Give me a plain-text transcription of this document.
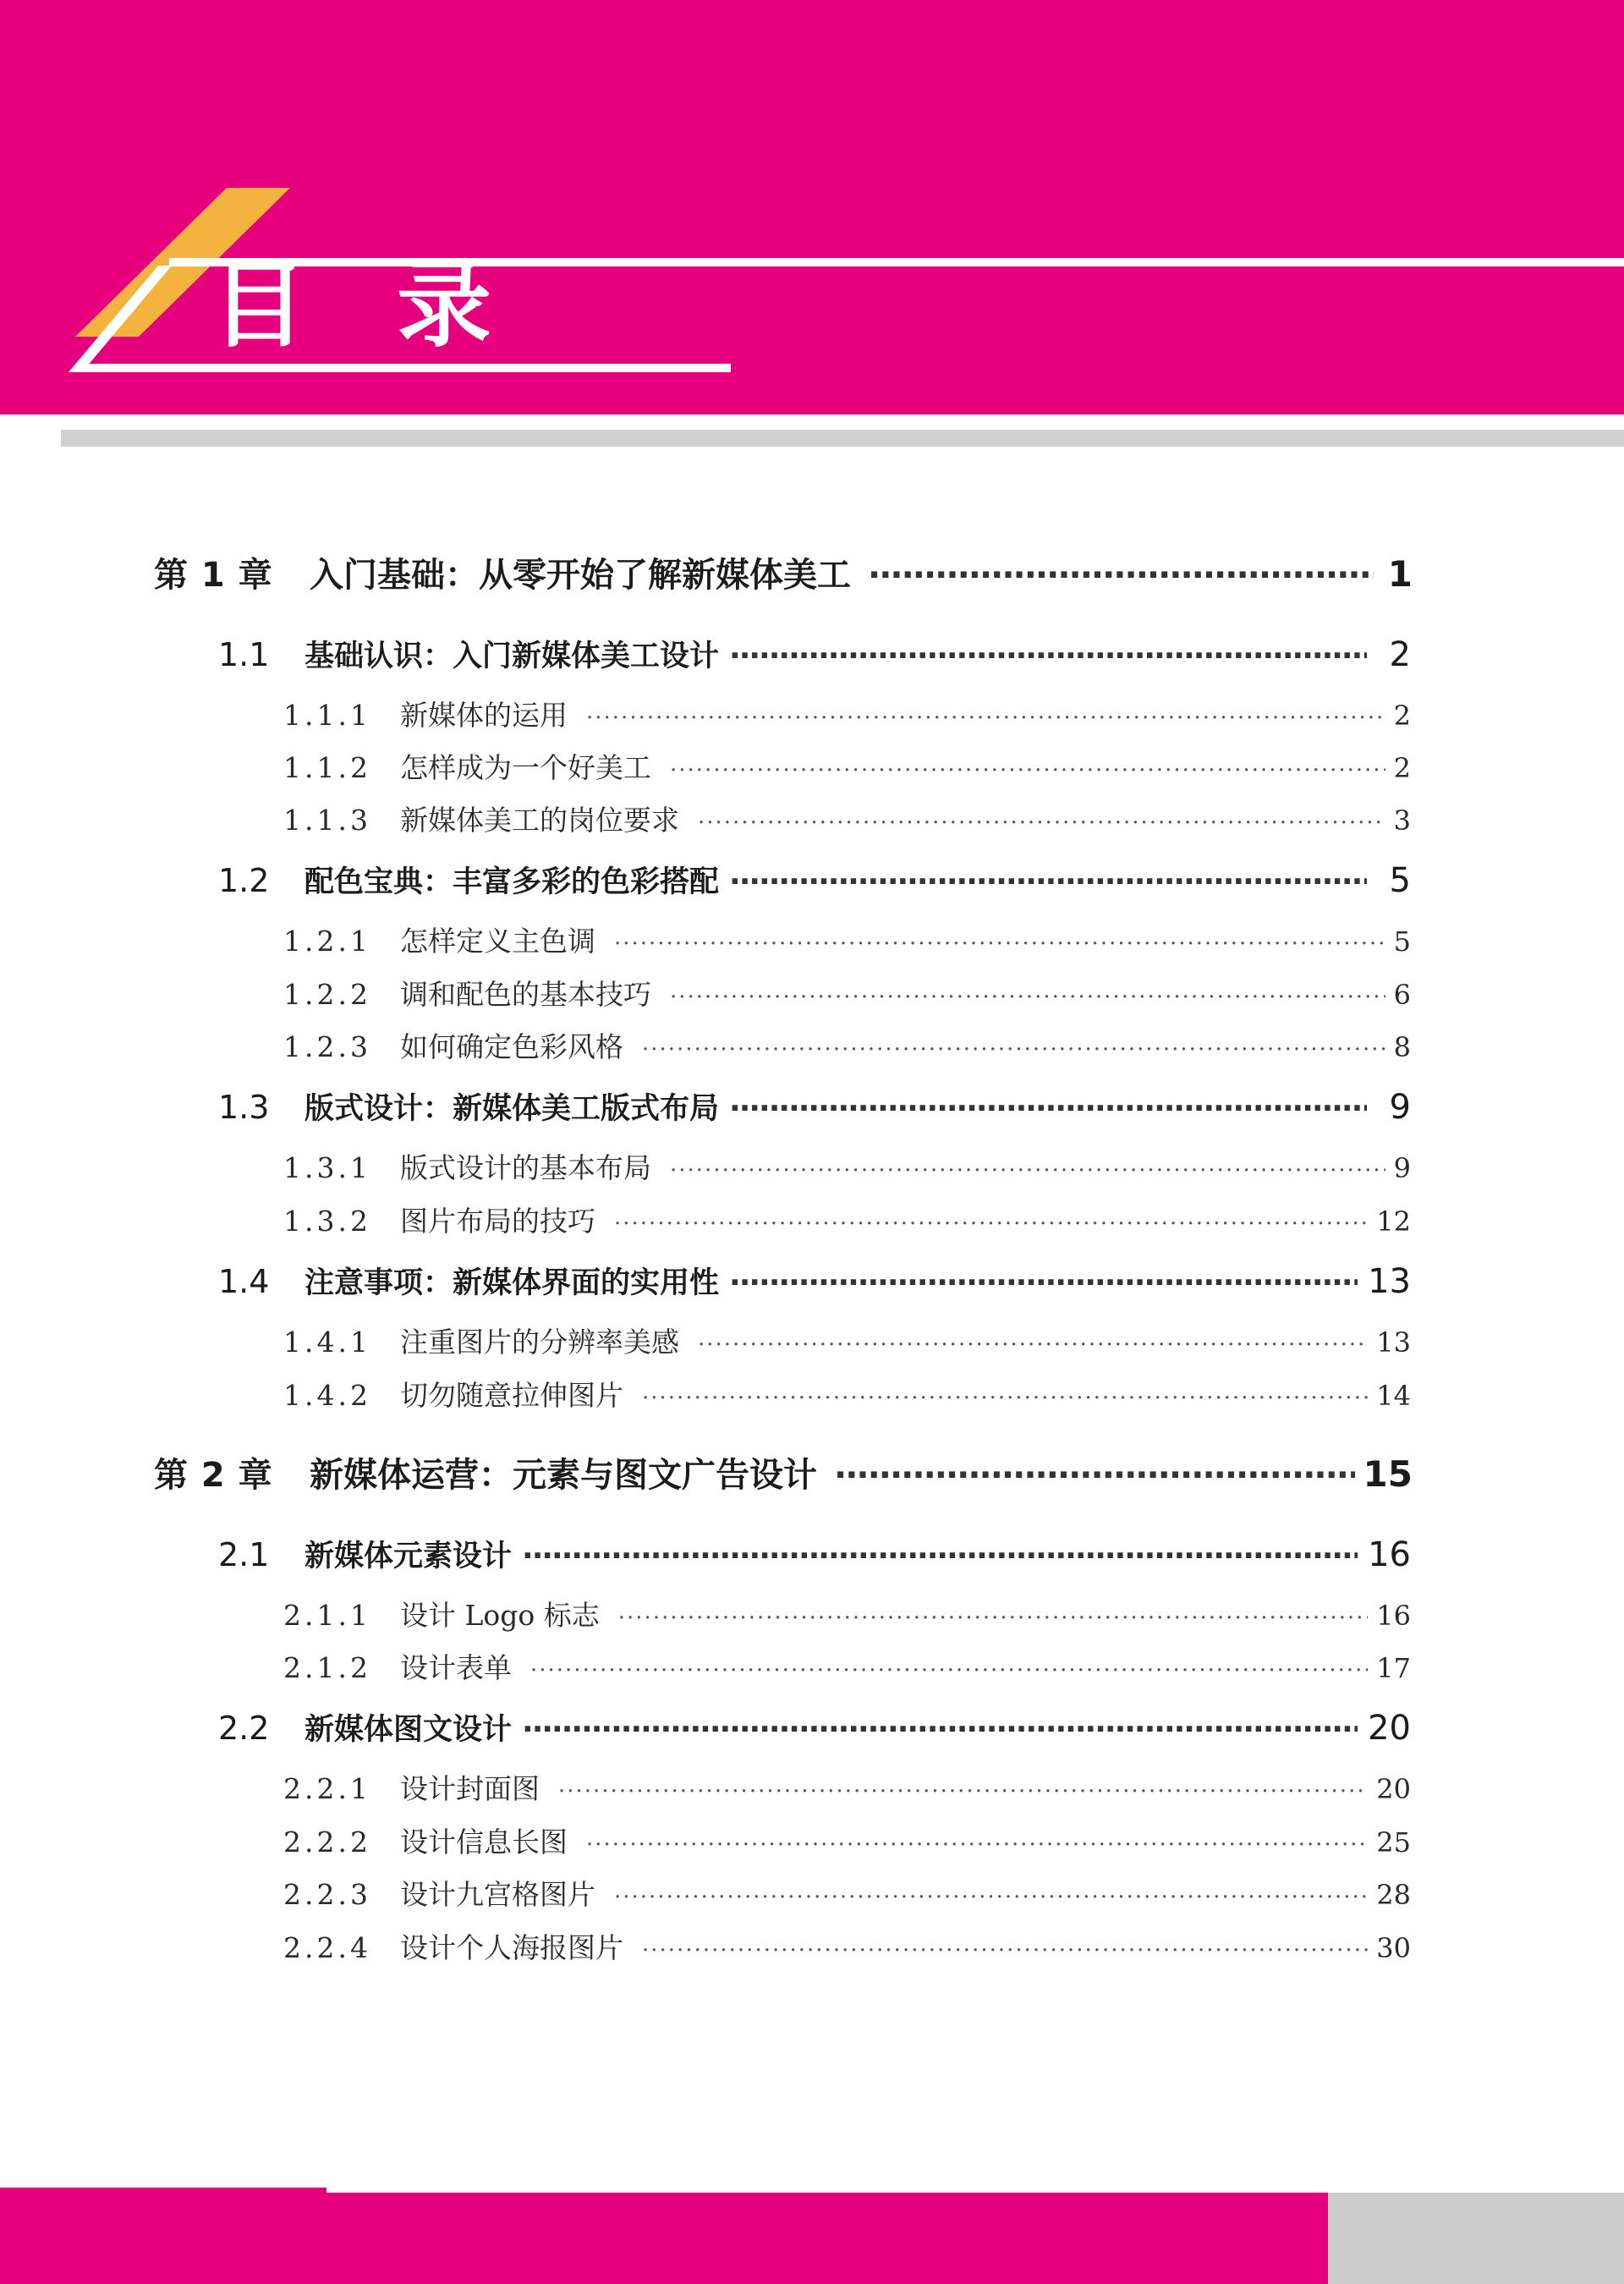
目 录
第 1 章	入门基础：从零开始了解新媒体美工 ·····	1
1.1	基础认识：入门新媒体美工设计 ·····	2
1.1.1	新媒体的运用 ·····	2
1.1.2	怎样成为一个好美工 ·····	2
1.1.3	新媒体美工的岗位要求 ·····	3
1.2	配色宝典：丰富多彩的色彩搭配 ·····	5
1.2.1	怎样定义主色调 ·····	5
1.2.2	调和配色的基本技巧 ·····	6
1.2.3	如何确定色彩风格 ·····	8
1.3	版式设计：新媒体美工版式布局 ·····	9
1.3.1	版式设计的基本布局 ·····	9
1.3.2	图片布局的技巧 ·····	12
1.4	注意事项：新媒体界面的实用性 ·····	13
1.4.1	注重图片的分辨率美感 ·····	13
1.4.2	切勿随意拉伸图片 ·····	14
第 2 章	新媒体运营：元素与图文广告设计 ·····	15
2.1	新媒体元素设计 ·····	16
2.1.1	设计 Logo 标志 ·····	16
2.1.2	设计表单 ·····	17
2.2	新媒体图文设计 ·····	20
2.2.1	设计封面图 ·····	20
2.2.2	设计信息长图 ·····	25
2.2.3	设计九宫格图片 ·····	28
2.2.4	设计个人海报图片 ·····	30
